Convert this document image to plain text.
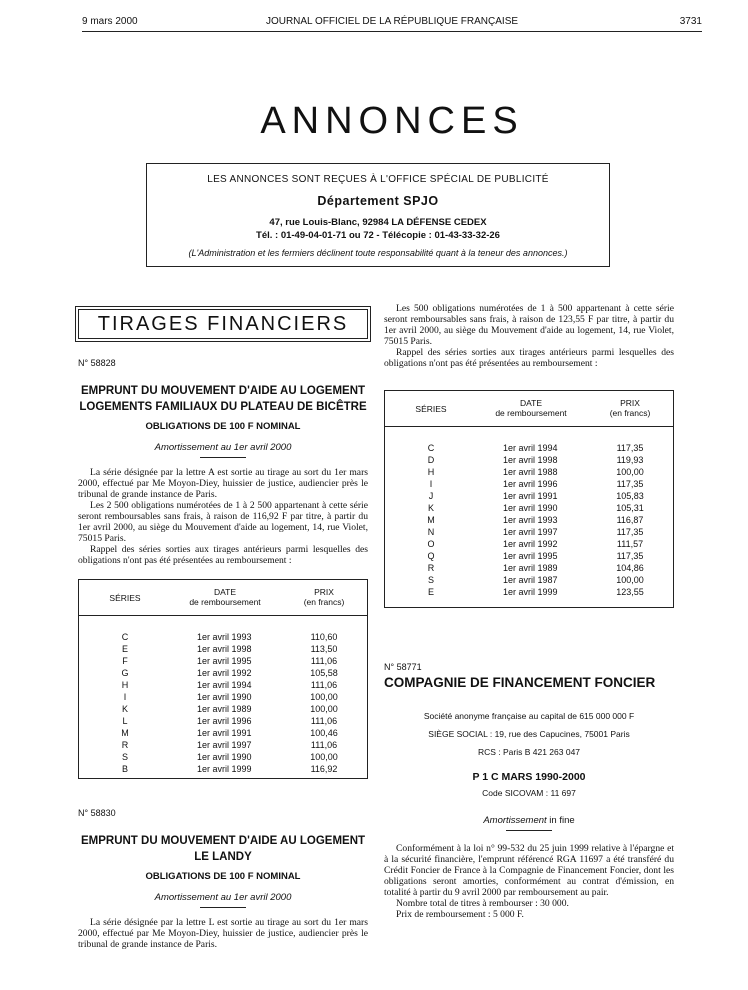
9 mars 2000	JOURNAL OFFICIEL DE LA RÉPUBLIQUE FRANÇAISE	3731
ANNONCES
LES ANNONCES SONT REÇUES À L'OFFICE SPÉCIAL DE PUBLICITÉ
Département SPJO
47, rue Louis-Blanc, 92984 LA DÉFENSE CEDEX
Tél. : 01-49-04-01-71 ou 72 - Télécopie : 01-43-33-32-26
(L'Administration et les fermiers déclinent toute responsabilité quant à la teneur des annonces.)
TIRAGES FINANCIERS
N° 58828
EMPRUNT DU MOUVEMENT D'AIDE AU LOGEMENT
LOGEMENTS FAMILIAUX DU PLATEAU DE BICÊTRE
OBLIGATIONS DE 100 F NOMINAL
Amortissement au 1er avril 2000
La série désignée par la lettre A est sortie au tirage au sort du 1er mars 2000, effectué par Me Moyon-Diey, huissier de justice, audiencier près le tribunal de grande instance de Paris.
Les 2 500 obligations numérotées de 1 à 2 500 appartenant à cette série seront remboursables sans frais, à raison de 116,92 F par titre, à partir du 1er avril 2000, au siège du Mouvement d'aide au logement, 14, rue Violet, 75015 Paris.
Rappel des séries sorties aux tirages antérieurs parmi lesquelles des obligations n'ont pas été présentées au remboursement :
SÉRIES
DATE
de remboursement
PRIX
(en francs)
C	1er avril 1993	110,60
E	1er avril 1998	113,50
F	1er avril 1995	111,06
G	1er avril 1992	105,58
H	1er avril 1994	111,06
I	1er avril 1990	100,00
K	1er avril 1989	100,00
L	1er avril 1996	111,06
M	1er avril 1991	100,46
R	1er avril 1997	111,06
S	1er avril 1990	100,00
B	1er avril 1999	116,92
N° 58830
EMPRUNT DU MOUVEMENT D'AIDE AU LOGEMENT
LE LANDY
OBLIGATIONS DE 100 F NOMINAL
Amortissement au 1er avril 2000
La série désignée par la lettre L est sortie au tirage au sort du 1er mars 2000, effectué par Me Moyon-Diey, huissier de justice, audiencier près le tribunal de grande instance de Paris.
Les 500 obligations numérotées de 1 à 500 appartenant à cette série seront remboursables sans frais, à raison de 123,55 F par titre, à partir du 1er avril 2000, au siège du Mouvement d'aide au logement, 14, rue Violet, 75015 Paris.
Rappel des séries sorties aux tirages antérieurs parmi lesquelles des obligations n'ont pas été présentées au remboursement :
SÉRIES
DATE
de remboursement
PRIX
(en francs)
C	1er avril 1994	117,35
D	1er avril 1998	119,93
H	1er avril 1988	100,00
I	1er avril 1996	117,35
J	1er avril 1991	105,83
K	1er avril 1990	105,31
M	1er avril 1993	116,87
N	1er avril 1997	117,35
O	1er avril 1992	111,57
Q	1er avril 1995	117,35
R	1er avril 1989	104,86
S	1er avril 1987	100,00
E	1er avril 1999	123,55
N° 58771
COMPAGNIE DE FINANCEMENT FONCIER
Société anonyme française au capital de 615 000 000 F
SIÈGE SOCIAL : 19, rue des Capucines, 75001 Paris
RCS : Paris B 421 263 047
P 1 C MARS 1990-2000
Code SICOVAM : 11 697
Amortissement in fine
Conformément à la loi n° 99-532 du 25 juin 1999 relative à l'épargne et à la sécurité financière, l'emprunt référencé RGA 11697 a été transféré du Crédit Foncier de France à la Compagnie de Financement Foncier, dont les obligations seront amorties, conformément au contrat d'émission, en totalité à partir du 9 avril 2000 par remboursement au pair.
Nombre total de titres à rembourser : 30 000.
Prix de remboursement : 5 000 F.
